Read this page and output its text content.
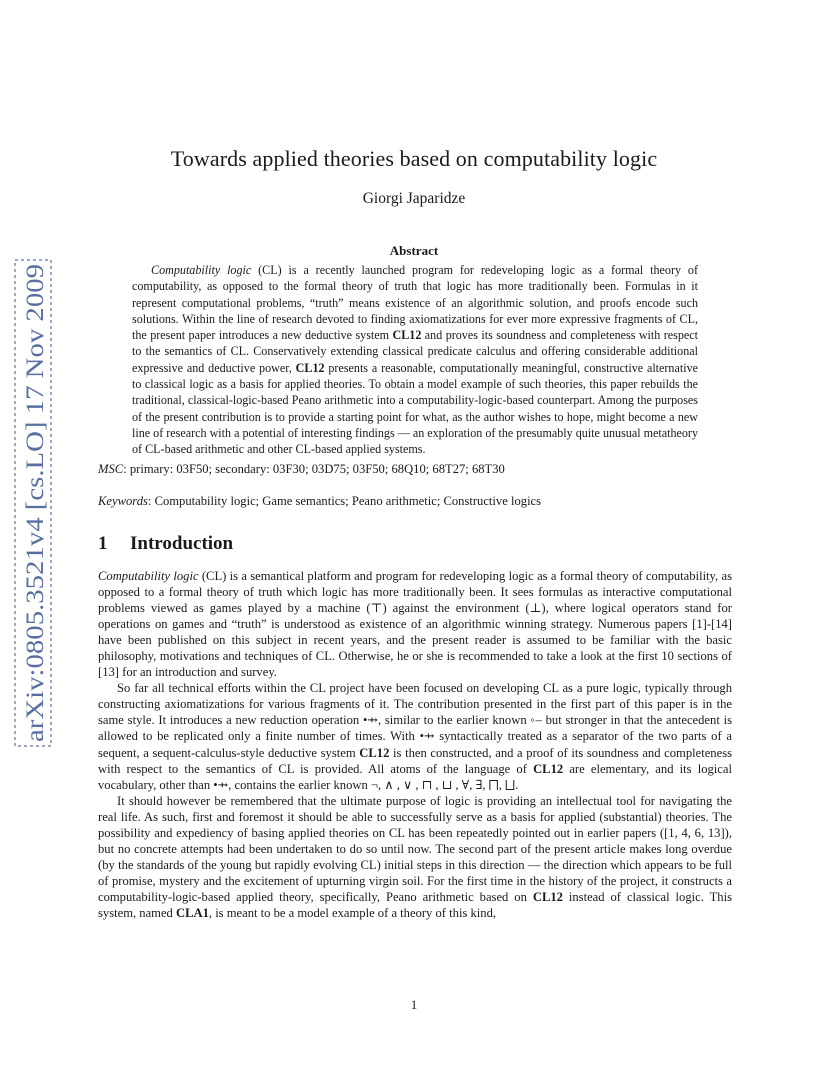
arXiv:0805.3521v4 [cs.LO] 17 Nov 2009
Towards applied theories based on computability logic
Giorgi Japaridze
Abstract
Computability logic (CL) is a recently launched program for redeveloping logic as a formal theory of computability, as opposed to the formal theory of truth that logic has more traditionally been. Formulas in it represent computational problems, “truth” means existence of an algorithmic solution, and proofs encode such solutions. Within the line of research devoted to finding axiomatizations for ever more expressive fragments of CL, the present paper introduces a new deductive system CL12 and proves its soundness and completeness with respect to the semantics of CL. Conservatively extending classical predicate calculus and offering considerable additional expressive and deductive power, CL12 presents a reasonable, computationally meaningful, constructive alternative to classical logic as a basis for applied theories. To obtain a model example of such theories, this paper rebuilds the traditional, classical-logic-based Peano arithmetic into a computability-logic-based counterpart. Among the purposes of the present contribution is to provide a starting point for what, as the author wishes to hope, might become a new line of research with a potential of interesting findings — an exploration of the presumably quite unusual metatheory of CL-based arithmetic and other CL-based applied systems.
MSC: primary: 03F50; secondary: 03F30; 03D75; 03F50; 68Q10; 68T27; 68T30
Keywords: Computability logic; Game semantics; Peano arithmetic; Constructive logics
1 Introduction

Computability logic (CL) is a semantical platform and program for redeveloping logic as a formal theory of computability, as opposed to a formal theory of truth which logic has more traditionally been. It sees formulas as interactive computational problems viewed as games played by a machine (⊤) against the environment (⊥), where logical operators stand for operations on games and “truth” is understood as existence of an algorithmic winning strategy. Numerous papers [1]-[14] have been published on this subject in recent years, and the present reader is assumed to be familiar with the basic philosophy, motivations and techniques of CL. Otherwise, he or she is recommended to take a look at the first 10 sections of [13] for an introduction and survey.

So far all technical efforts within the CL project have been focused on developing CL as a pure logic, typically through constructing axiomatizations for various fragments of it. The contribution presented in the first part of this paper is in the same style. It introduces a new reduction operation •⇸, similar to the earlier known ◦– but stronger in that the antecedent is allowed to be replicated only a finite number of times. With •⇸ syntactically treated as a separator of the two parts of a sequent, a sequent-calculus-style deductive system CL12 is then constructed, and a proof of its soundness and completeness with respect to the semantics of CL is provided. All atoms of the language of CL12 are elementary, and its logical vocabulary, other than •⇸, contains the earlier known ¬, ∧ , ∨ , ⊓ , ⊔ , ∀, ∃, ⨅, ⨆.

It should however be remembered that the ultimate purpose of logic is providing an intellectual tool for navigating the real life. As such, first and foremost it should be able to successfully serve as a basis for applied (substantial) theories. The possibility and expediency of basing applied theories on CL has been repeatedly pointed out in earlier papers ([1, 4, 6, 13]), but no concrete attempts had been undertaken to do so until now. The second part of the present article makes long overdue (by the standards of the young but rapidly evolving CL) initial steps in this direction — the direction which appears to be full of promise, mystery and the excitement of upturning virgin soil. For the first time in the history of the project, it constructs a computability-logic-based applied theory, specifically, Peano arithmetic based on CL12 instead of classical logic. This system, named CLA1, is meant to be a model example of a theory of this kind,

1
